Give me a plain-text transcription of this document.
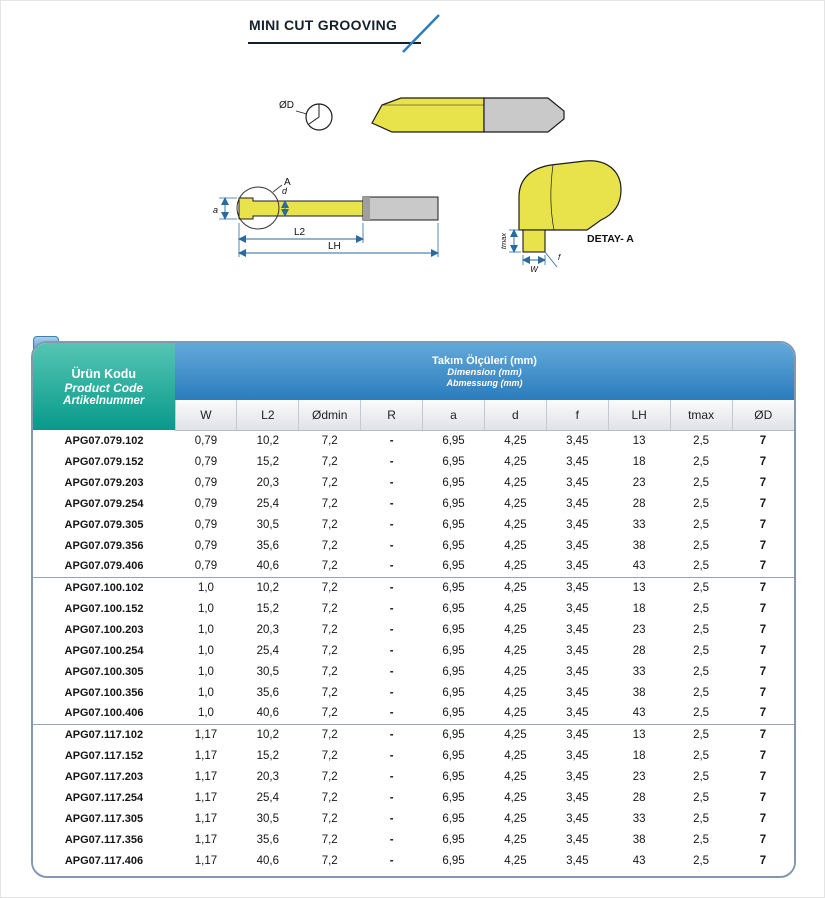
MINI CUT GROOVING
ØD
A
a
d
L2
LH	tmax
W
f
DETAY- A
Ürün Kodu
Product Code
Artikelnummer

Takım Ölçüleri (mm)
Dimension (mm)
Abmessung (mm)

	W	L2	Ødmin	R	a	d	f	LH	tmax	ØD
APG07.079.102	0,79	10,2	7,2	-	6,95	4,25	3,45	13	2,5	7
APG07.079.152	0,79	15,2	7,2	-	6,95	4,25	3,45	18	2,5	7
APG07.079.203	0,79	20,3	7,2	-	6,95	4,25	3,45	23	2,5	7
APG07.079.254	0,79	25,4	7,2	-	6,95	4,25	3,45	28	2,5	7
APG07.079.305	0,79	30,5	7,2	-	6,95	4,25	3,45	33	2,5	7
APG07.079.356	0,79	35,6	7,2	-	6,95	4,25	3,45	38	2,5	7
APG07.079.406	0,79	40,6	7,2	-	6,95	4,25	3,45	43	2,5	7
APG07.100.102	1,0	10,2	7,2	-	6,95	4,25	3,45	13	2,5	7
APG07.100.152	1,0	15,2	7,2	-	6,95	4,25	3,45	18	2,5	7
APG07.100.203	1,0	20,3	7,2	-	6,95	4,25	3,45	23	2,5	7
APG07.100.254	1,0	25,4	7,2	-	6,95	4,25	3,45	28	2,5	7
APG07.100.305	1,0	30,5	7,2	-	6,95	4,25	3,45	33	2,5	7
APG07.100.356	1,0	35,6	7,2	-	6,95	4,25	3,45	38	2,5	7
APG07.100.406	1,0	40,6	7,2	-	6,95	4,25	3,45	43	2,5	7
APG07.117.102	1,17	10,2	7,2	-	6,95	4,25	3,45	13	2,5	7
APG07.117.152	1,17	15,2	7,2	-	6,95	4,25	3,45	18	2,5	7
APG07.117.203	1,17	20,3	7,2	-	6,95	4,25	3,45	23	2,5	7
APG07.117.254	1,17	25,4	7,2	-	6,95	4,25	3,45	28	2,5	7
APG07.117.305	1,17	30,5	7,2	-	6,95	4,25	3,45	33	2,5	7
APG07.117.356	1,17	35,6	7,2	-	6,95	4,25	3,45	38	2,5	7
APG07.117.406	1,17	40,6	7,2	-	6,95	4,25	3,45	43	2,5	7
